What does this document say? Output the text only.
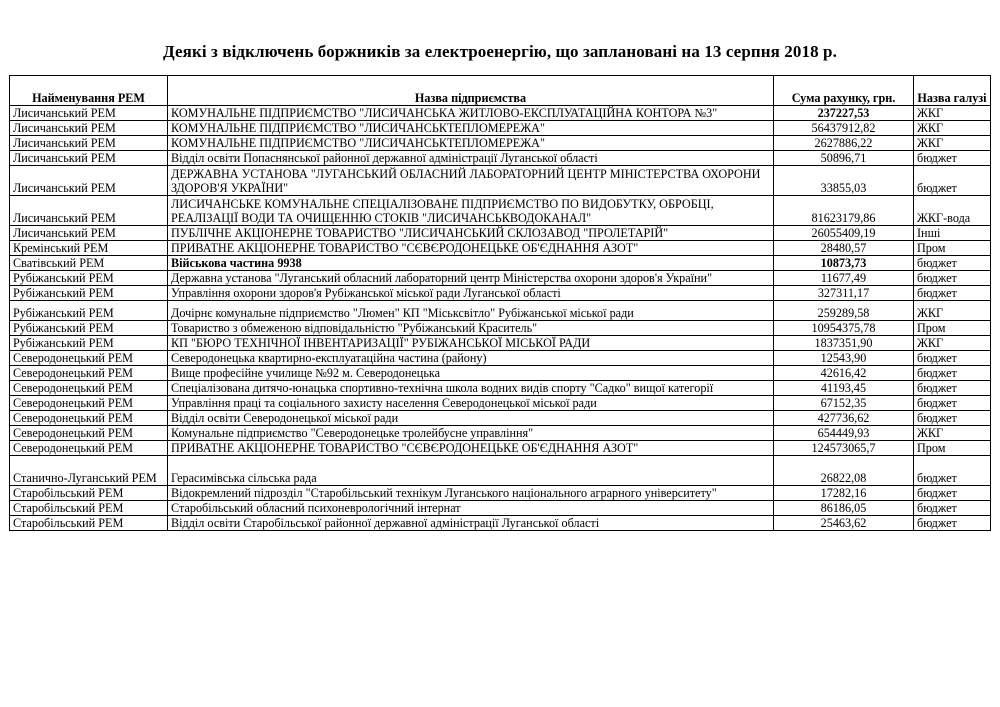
Деякі з відключень боржників за електроенергію, що заплановані на 13 серпня 2018 р.
Найменування РЕМ	Назва підприємства	Сума рахунку, грн.	Назва галузі
Лисичанський РЕМ	КОМУНАЛЬНЕ ПІДПРИЄМСТВО "ЛИСИЧАНСЬКА ЖИТЛОВО-ЕКСПЛУАТАЦІЙНА КОНТОРА №3"	237227,53	ЖКГ
Лисичанський РЕМ	КОМУНАЛЬНЕ ПІДПРИЄМСТВО "ЛИСИЧАНСЬКТЕПЛОМЕРЕЖА"	56437912,82	ЖКГ
Лисичанський РЕМ	КОМУНАЛЬНЕ ПІДПРИЄМСТВО "ЛИСИЧАНСЬКТЕПЛОМЕРЕЖА"	2627886,22	ЖКГ
Лисичанський РЕМ	Відділ освіти Попаснянської районної державної адміністрації Луганської області	50896,71	бюджет
Лисичанський РЕМ	ДЕРЖАВНА УСТАНОВА "ЛУГАНСЬКИЙ ОБЛАСНИЙ ЛАБОРАТОРНИЙ ЦЕНТР МІНІСТЕРСТВА ОХОРОНИ ЗДОРОВ'Я УКРАЇНИ"	33855,03	бюджет
Лисичанський РЕМ	ЛИСИЧАНСЬКЕ КОМУНАЛЬНЕ СПЕЦІАЛІЗОВАНЕ ПІДПРИЄМСТВО ПО ВИДОБУТКУ, ОБРОБЦІ, РЕАЛІЗАЦІЇ ВОДИ ТА ОЧИЩЕННЮ СТОКІВ "ЛИСИЧАНСЬКВОДОКАНАЛ"	81623179,86	ЖКГ-вода
Лисичанський РЕМ	ПУБЛІЧНЕ АКЦІОНЕРНЕ ТОВАРИСТВО "ЛИСИЧАНСЬКИЙ СКЛОЗАВОД "ПРОЛЕТАРІЙ"	26055409,19	Інші
Кремінський РЕМ	ПРИВАТНЕ АКЦІОНЕРНЕ ТОВАРИСТВО "СЄВЄРОДОНЕЦЬКЕ ОБ'ЄДНАННЯ АЗОТ"	28480,57	Пром
Сватівський РЕМ	Військова частина 9938	10873,73	бюджет
Рубіжанський РЕМ	Державна установа "Луганський обласний лабораторний центр Міністерства охорони здоров'я України"	11677,49	бюджет
Рубіжанський РЕМ	Управління охорони здоров'я Рубіжанської міської ради Луганської області	327311,17	бюджет
Рубіжанський РЕМ	Дочірнє комунальне підприємство "Люмен" КП "Міськсвітло" Рубіжанської міської ради	259289,58	ЖКГ
Рубіжанський РЕМ	Товариство з обмеженою відповідальністю "Рубіжанський Краситель"	10954375,78	Пром
Рубіжанський РЕМ	КП "БЮРО ТЕХНІЧНОЇ ІНВЕНТАРИЗАЦІЇ" РУБІЖАНСЬКОЇ МІСЬКОЇ РАДИ	1837351,90	ЖКГ
Северодонецький РЕМ	Северодонецька квартирно-експлуатаційна частина (району)	12543,90	бюджет
Северодонецький РЕМ	Вище професійне училище №92 м. Северодонецька	42616,42	бюджет
Северодонецький РЕМ	Спеціалізована дитячо-юнацька спортивно-технічна школа водних видів спорту "Садко" вищої категорії	41193,45	бюджет
Северодонецький РЕМ	Управління праці та соціального захисту населення Северодонецької міської ради	67152,35	бюджет
Северодонецький РЕМ	Відділ освіти Северодонецької міської ради	427736,62	бюджет
Северодонецький РЕМ	Комунальне підприємство "Северодонецьке тролейбусне управління"	654449,93	ЖКГ
Северодонецький РЕМ	ПРИВАТНЕ АКЦІОНЕРНЕ ТОВАРИСТВО "СЄВЄРОДОНЕЦЬКЕ ОБ'ЄДНАННЯ АЗОТ"	124573065,7	Пром
Станично-Луганський РЕМ	Герасимівська сільська рада	26822,08	бюджет
Старобільський РЕМ	Відокремлений підрозділ "Старобільський технікум Луганського національного аграрного університету"	17282,16	бюджет
Старобільський РЕМ	Старобільський обласний психоневрологічний інтернат	86186,05	бюджет
Старобільський РЕМ	Відділ освіти Старобільської районної державної адміністрації Луганської області	25463,62	бюджет
